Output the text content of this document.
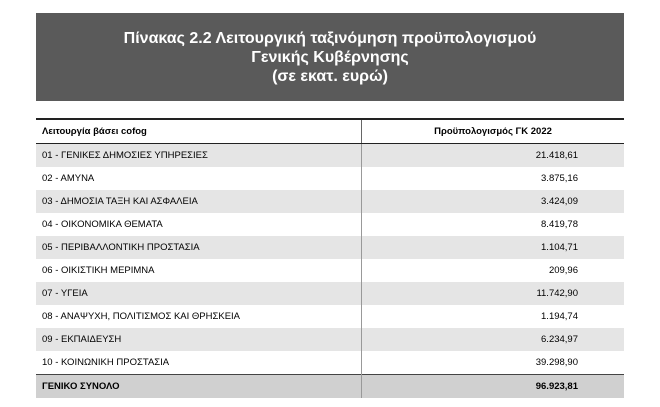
Πίνακας 2.2 Λειτουργική ταξινόμηση προϋπολογισμού
Γενικής Κυβέρνησης
(σε εκατ. ευρώ)
Λειτουργία βάσει cofog	Προϋπολογισμός ΓΚ 2022
01 - ΓΕΝΙΚΕΣ ΔΗΜΟΣΙΕΣ ΥΠΗΡΕΣΙΕΣ	21.418,61
02 - ΑΜΥΝΑ	3.875,16
03 - ΔΗΜΟΣΙΑ ΤΑΞΗ ΚΑΙ ΑΣΦΑΛΕΙΑ	3.424,09
04 - ΟΙΚΟΝΟΜΙΚΑ ΘΕΜΑΤΑ	8.419,78
05 - ΠΕΡΙΒΑΛΛΟΝΤΙΚΗ ΠΡΟΣΤΑΣΙΑ	1.104,71
06 - ΟΙΚΙΣΤΙΚΗ ΜΕΡΙΜΝΑ	209,96
07 - ΥΓΕΙΑ	11.742,90
08 - ΑΝΑΨΥΧΗ, ΠΟΛΙΤΙΣΜΟΣ ΚΑΙ ΘΡΗΣΚΕΙΑ	1.194,74
09 - ΕΚΠΑΙΔΕΥΣΗ	6.234,97
10 - ΚΟΙΝΩΝΙΚΗ ΠΡΟΣΤΑΣΙΑ	39.298,90
ΓΕΝΙΚΟ ΣΥΝΟΛΟ	96.923,81
